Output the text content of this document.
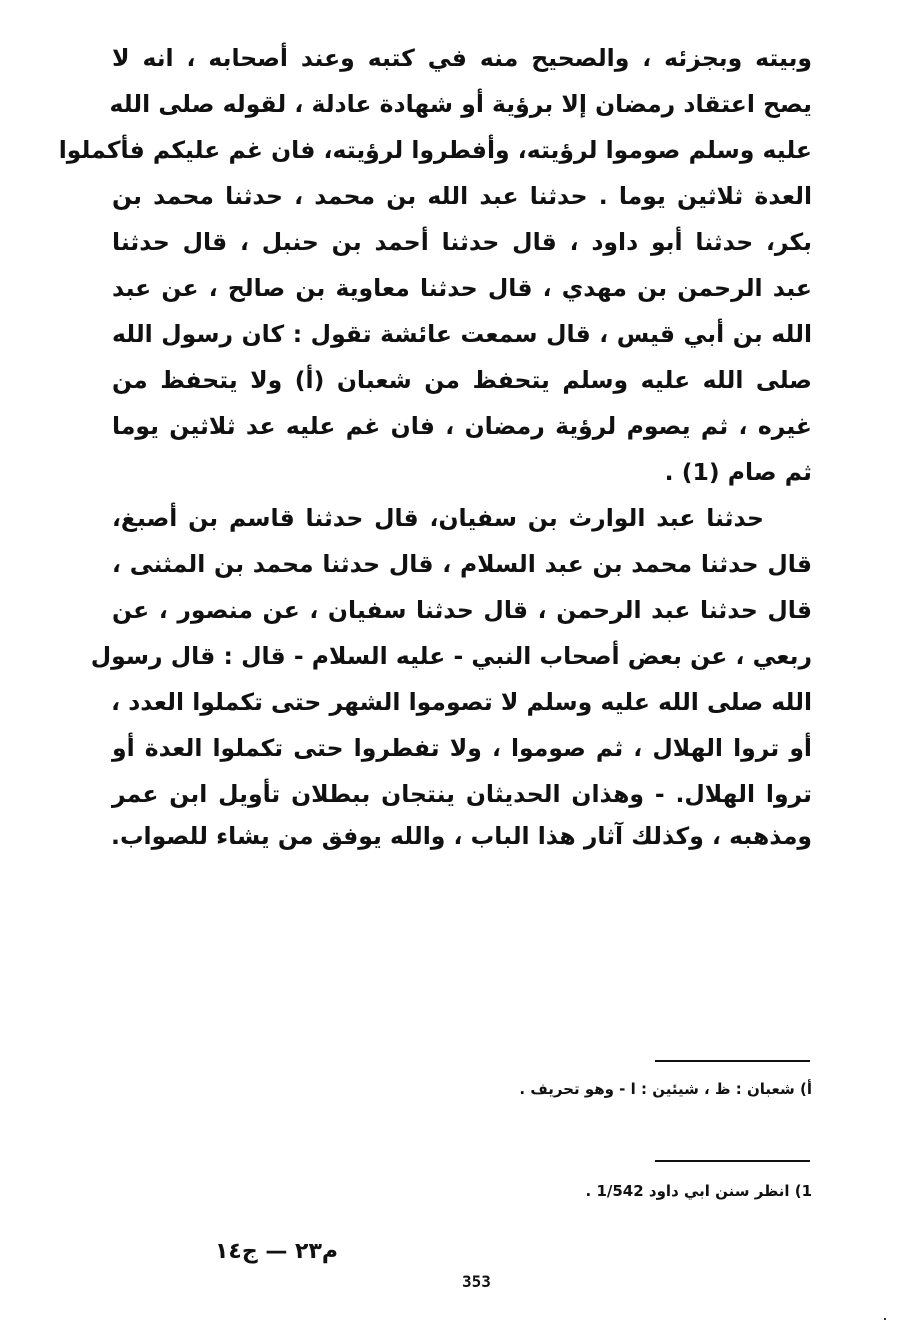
وبيته وبجزئه ، والصحيح منه في كتبه وعند أصحابه ، انه لا
يصح اعتقاد رمضان إلا برؤية أو شهادة عادلة ، لقوله صلى الله
عليه وسلم صوموا لرؤيته، وأفطروا لرؤيته، فان غم عليكم فأكملوا
العدة ثلاثين يوما . حدثنا عبد الله بن محمد ، حدثنا محمد بن
بكر، حدثنا أبو داود ، قال حدثنا أحمد بن حنبل ، قال حدثنا
عبد الرحمن بن مهدي ، قال حدثنا معاوية بن صالح ، عن عبد
الله بن أبي قيس ، قال سمعت عائشة تقول : كان رسول الله
صلى الله عليه وسلم يتحفظ من شعبان (أ) ولا يتحفظ من
غيره ، ثم يصوم لرؤية رمضان ، فان غم عليه عد ثلاثين يوما
ثم صام (1) .
حدثنا عبد الوارث بن سفيان، قال حدثنا قاسم بن أصبغ،
قال حدثنا محمد بن عبد السلام ، قال حدثنا محمد بن المثنى ،
قال حدثنا عبد الرحمن ، قال حدثنا سفيان ، عن منصور ، عن
ربعي ، عن بعض أصحاب النبي - عليه السلام - قال : قال رسول
الله صلى الله عليه وسلم لا تصوموا الشهر حتى تكملوا العدد ،
أو تروا الهلال ، ثم صوموا ، ولا تفطروا حتى تكملوا العدة أو
تروا الهلال. - وهذان الحديثان ينتجان ببطلان تأويل ابن عمر
ومذهبه ، وكذلك آثار هذا الباب ، والله يوفق من يشاء للصواب.
أ) شعبان : ظ ، شيئين : ا - وهو تحريف .
1) انظر سنن ابي داود 1/542 .
م٢٣ — ج١٤
353
